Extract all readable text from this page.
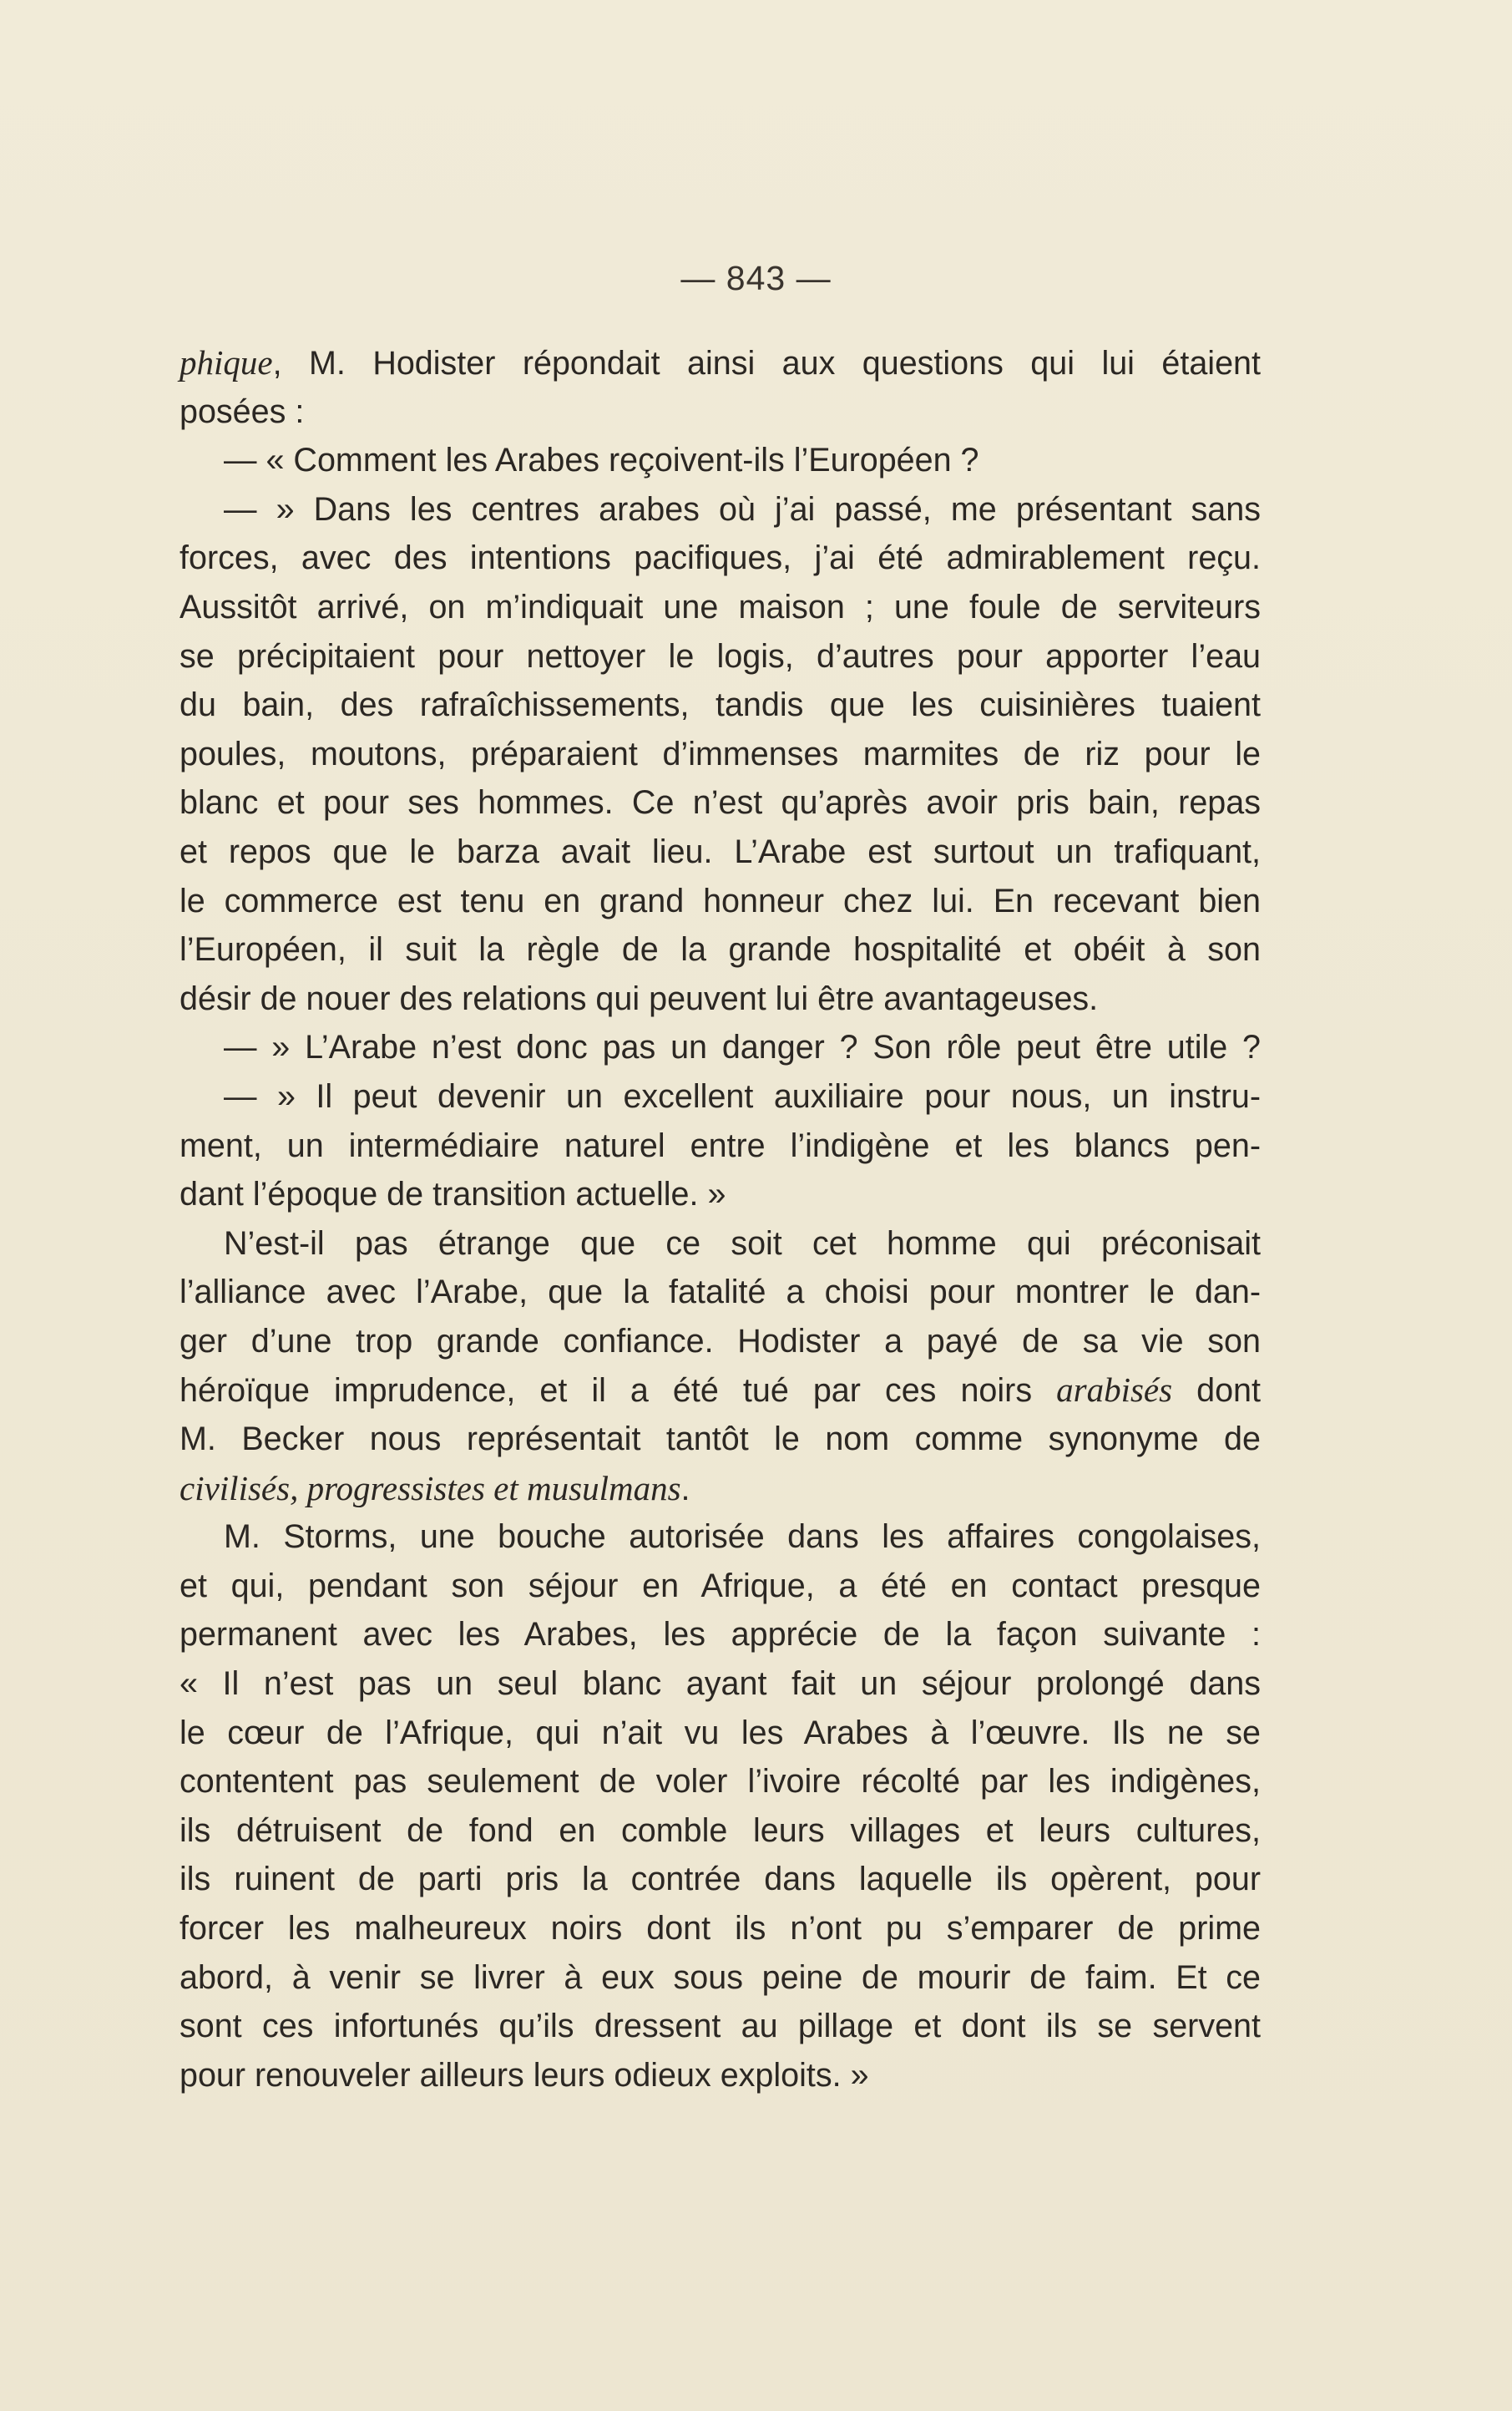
— 843 —
phique, M. Hodister répondait ainsi aux questions qui lui étaient
posées :
— « Comment les Arabes reçoivent-ils l’Européen ?
— » Dans les centres arabes où j’ai passé, me présentant sans
forces, avec des intentions pacifiques, j’ai été admirablement reçu.
Aussitôt arrivé, on m’indiquait une maison ; une foule de serviteurs
se précipitaient pour nettoyer le logis, d’autres pour apporter l’eau
du bain, des rafraîchissements, tandis que les cuisinières tuaient
poules, moutons, préparaient d’immenses marmites de riz pour le
blanc et pour ses hommes. Ce n’est qu’après avoir pris bain, repas
et repos que le barza avait lieu. L’Arabe est surtout un trafiquant,
le commerce est tenu en grand honneur chez lui. En recevant bien
l’Européen, il suit la règle de la grande hospitalité et obéit à son
désir de nouer des relations qui peuvent lui être avantageuses.
— » L’Arabe n’est donc pas un danger ? Son rôle peut être utile ?
— » Il peut devenir un excellent auxiliaire pour nous, un instru-
ment, un intermédiaire naturel entre l’indigène et les blancs pen-
dant l’époque de transition actuelle. »
N’est-il pas étrange que ce soit cet homme qui préconisait
l’alliance avec l’Arabe, que la fatalité a choisi pour montrer le dan-
ger d’une trop grande confiance. Hodister a payé de sa vie son
héroïque imprudence, et il a été tué par ces noirs arabisés dont
M. Becker nous représentait tantôt le nom comme synonyme de
civilisés, progressistes et musulmans.
M. Storms, une bouche autorisée dans les affaires congolaises,
et qui, pendant son séjour en Afrique, a été en contact presque
permanent avec les Arabes, les apprécie de la façon suivante :
« Il n’est pas un seul blanc ayant fait un séjour prolongé dans
le cœur de l’Afrique, qui n’ait vu les Arabes à l’œuvre. Ils ne se
contentent pas seulement de voler l’ivoire récolté par les indigènes,
ils détruisent de fond en comble leurs villages et leurs cultures,
ils ruinent de parti pris la contrée dans laquelle ils opèrent, pour
forcer les malheureux noirs dont ils n’ont pu s’emparer de prime
abord, à venir se livrer à eux sous peine de mourir de faim. Et ce
sont ces infortunés qu’ils dressent au pillage et dont ils se servent
pour renouveler ailleurs leurs odieux exploits. »
